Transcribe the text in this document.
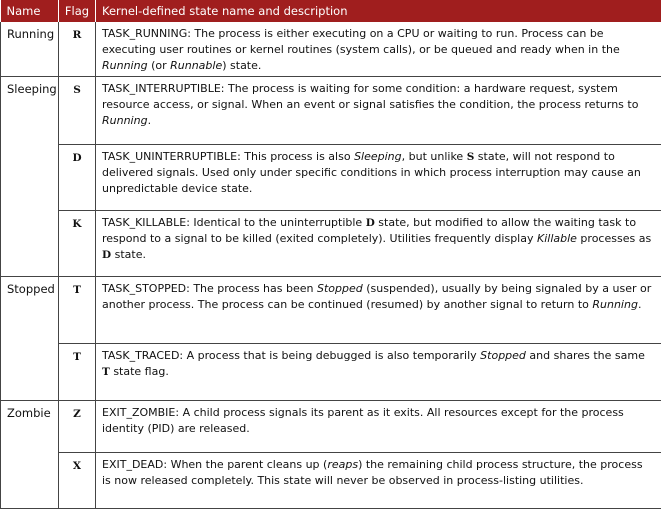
Name	Flag	Kernel-defined state name and description
Running	R	TASK_RUNNING: The process is either executing on a CPU or waiting to run. Process can be executing user routines or kernel routines (system calls), or be queued and ready when in the Running (or Runnable) state.
Sleeping	S	TASK_INTERRUPTIBLE: The process is waiting for some condition: a hardware request, system resource access, or signal. When an event or signal satisfies the condition, the process returns to Running.
	D	TASK_UNINTERRUPTIBLE: This process is also Sleeping, but unlike S state, will not respond to delivered signals. Used only under specific conditions in which process interruption may cause an unpredictable device state.
	K	TASK_KILLABLE: Identical to the uninterruptible D state, but modified to allow the waiting task to respond to a signal to be killed (exited completely). Utilities frequently display Killable processes as D state.
Stopped	T	TASK_STOPPED: The process has been Stopped (suspended), usually by being signaled by a user or another process. The process can be continued (resumed) by another signal to return to Running.
	T	TASK_TRACED: A process that is being debugged is also temporarily Stopped and shares the same T state flag.
Zombie	Z	EXIT_ZOMBIE: A child process signals its parent as it exits. All resources except for the process identity (PID) are released.
	X	EXIT_DEAD: When the parent cleans up (reaps) the remaining child process structure, the process is now released completely. This state will never be observed in process-listing utilities.
